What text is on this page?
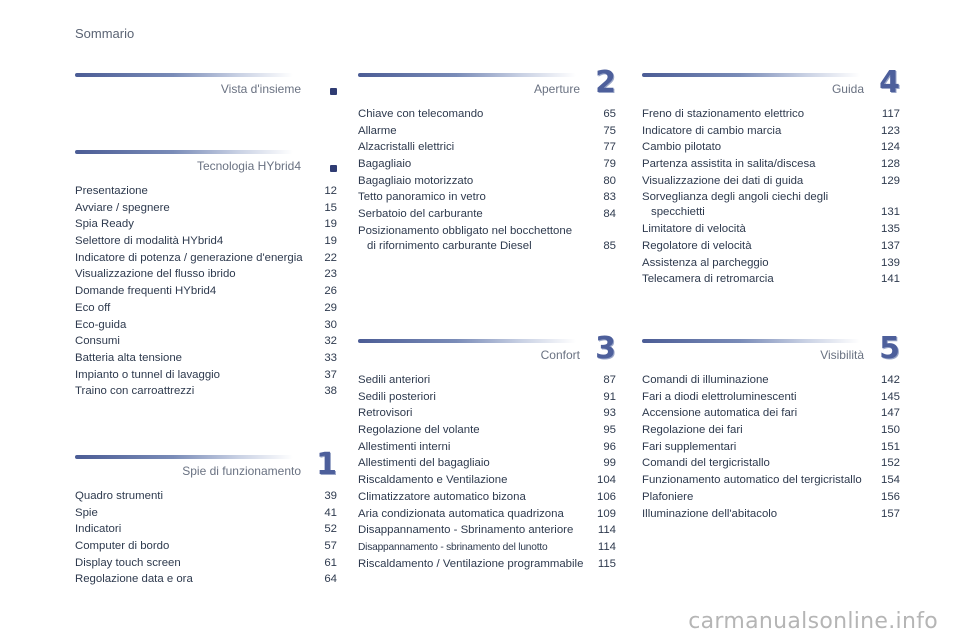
Sommario
Vista d'insieme
Tecnologia HYbrid4
Presentazione	12
Avviare / spegnere	15
Spia Ready	19
Selettore di modalità HYbrid4	19
Indicatore di potenza / generazione d'energia 22
Visualizzazione del flusso ibrido	23
Domande frequenti HYbrid4	26
Eco off	29
Eco-guida	30
Consumi	32
Batteria alta tensione	33
Impianto o tunnel di lavaggio	37
Traino con carroattrezzi	38
Spie di funzionamento 1
Quadro strumenti	39
Spie	41
Indicatori	52
Computer di bordo	57
Display touch screen	61
Regolazione data e ora	64
Aperture 2
Chiave con telecomando	65
Allarme	75
Alzacristalli elettrici	77
Bagagliaio	79
Bagagliaio motorizzato	80
Tetto panoramico in vetro	83
Serbatoio del carburante	84
Posizionamento obbligato nel bocchettone di rifornimento carburante Diesel	85
Confort 3
Sedili anteriori	87
Sedili posteriori	91
Retrovisori	93
Regolazione del volante	95
Allestimenti interni	96
Allestimenti del bagagliaio	99
Riscaldamento e Ventilazione	104
Climatizzatore automatico bizona	106
Aria condizionata automatica quadrizona	109
Disappannamento - Sbrinamento anteriore	114
Disappannamento - sbrinamento del lunotto	114
Riscaldamento / Ventilazione programmabile 115
Guida 4
Freno di stazionamento elettrico	117
Indicatore di cambio marcia	123
Cambio pilotato	124
Partenza assistita in salita/discesa	128
Visualizzazione dei dati di guida	129
Sorveglianza degli angoli ciechi degli specchietti	131
Limitatore di velocità	135
Regolatore di velocità	137
Assistenza al parcheggio	139
Telecamera di retromarcia	141
Visibilità 5
Comandi di illuminazione	142
Fari a diodi elettroluminescenti	145
Accensione automatica dei fari	147
Regolazione dei fari	150
Fari supplementari	151
Comandi del tergicristallo	152
Funzionamento automatico del tergicristallo	154
Plafoniere	156
Illuminazione dell'abitacolo	157
carmanualsonline.info
